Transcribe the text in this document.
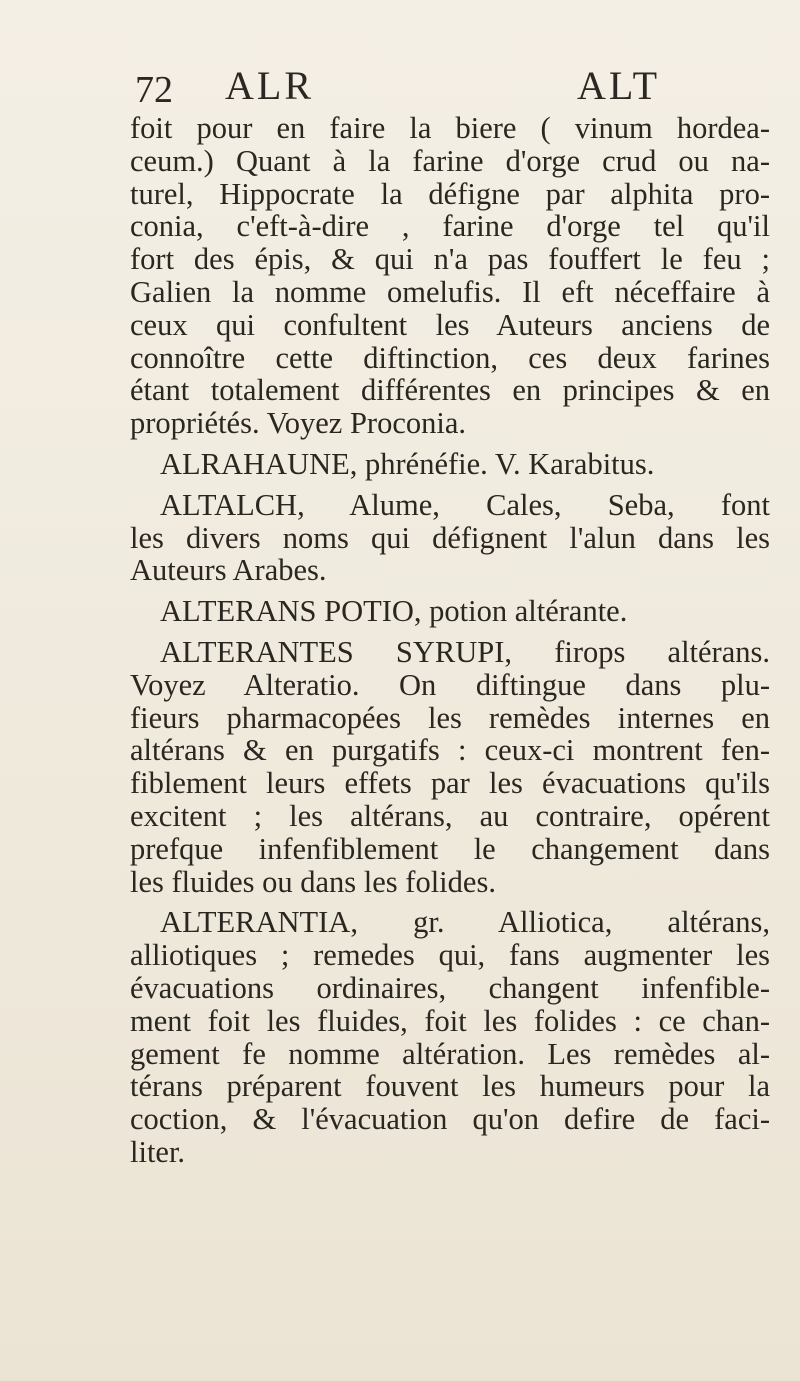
72 ALR	ALT
foit pour en faire la biere ( vinum hordea-
ceum.) Quant à la farine d'orge crud ou na-
turel, Hippocrate la défigne par alphita pro-
conia, c'eft-à-dire , farine d'orge tel qu'il
fort des épis, & qui n'a pas fouffert le feu ;
Galien la nomme omelufis. Il eft néceffaire à
ceux qui confultent les Auteurs anciens de
connoître cette diftinction, ces deux farines
étant totalement différentes en principes & en
propriétés. Voyez Proconia.
ALRAHAUNE, phrénéfie. V. Karabitus.
ALTALCH, Alume, Cales, Seba, font
les divers noms qui défignent l'alun dans les
Auteurs Arabes.
ALTERANS POTIO, potion altérante.
ALTERANTES SYRUPI, firops altérans.
Voyez Alteratio. On diftingue dans plu-
fieurs pharmacopées les remèdes internes en
altérans & en purgatifs : ceux-ci montrent fen-
fiblement leurs effets par les évacuations qu'ils
excitent ; les altérans, au contraire, opérent
prefque infenfiblement le changement dans
les fluides ou dans les folides.
ALTERANTIA, gr. Alliotica, altérans,
alliotiques ; remedes qui, fans augmenter les
évacuations ordinaires, changent infenfible-
ment foit les fluides, foit les folides : ce chan-
gement fe nomme altération. Les remèdes al-
térans préparent fouvent les humeurs pour la
coction, & l'évacuation qu'on defire de faci-
liter.
